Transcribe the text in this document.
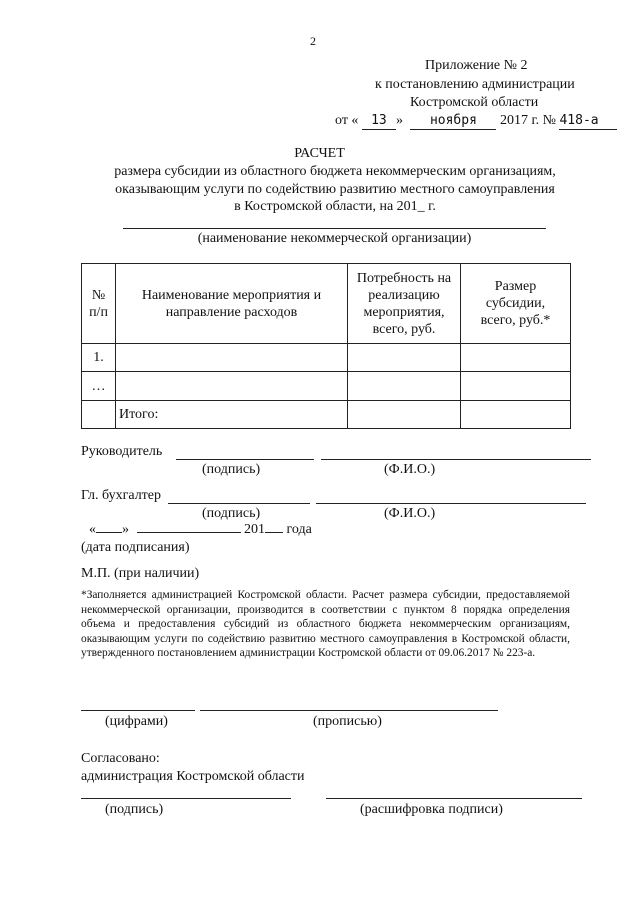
2
Приложение № 2
к постановлению администрации
Костромской области
от « 13 » ноября 2017 г. № 418-а
РАСЧЕТ
размера субсидии из областного бюджета некоммерческим организациям,
оказывающим услуги по содействию развитию местного самоуправления
в Костромской области, на 201_ г.
(наименование некоммерческой организации)
№ п/п	Наименование мероприятия и направление расходов	Потребность на реализацию мероприятия, всего, руб.	Размер субсидии, всего, руб.*

1.			
…			
	Итого:		
Руководитель
(подпись)	(Ф.И.О.)
Гл. бухгалтер
(подпись)	(Ф.И.О.)
« »	201 года
(дата подписания)
М.П. (при наличии)

*Заполняется администрацией Костромской области. Расчет размера субсидии, предоставляемой некоммерческой организации, производится в соответствии с пунктом 8 порядка определения объема и предоставления субсидий из областного бюджета некоммерческим организациям, оказывающим услуги по содействию развитию местного самоуправления в Костромской области, утвержденного постановлением администрации Костромской области от 09.06.2017 № 223-а.

(цифрами)	(прописью)
Согласовано:
администрация Костромской области
(подпись)	(расшифровка подписи)
